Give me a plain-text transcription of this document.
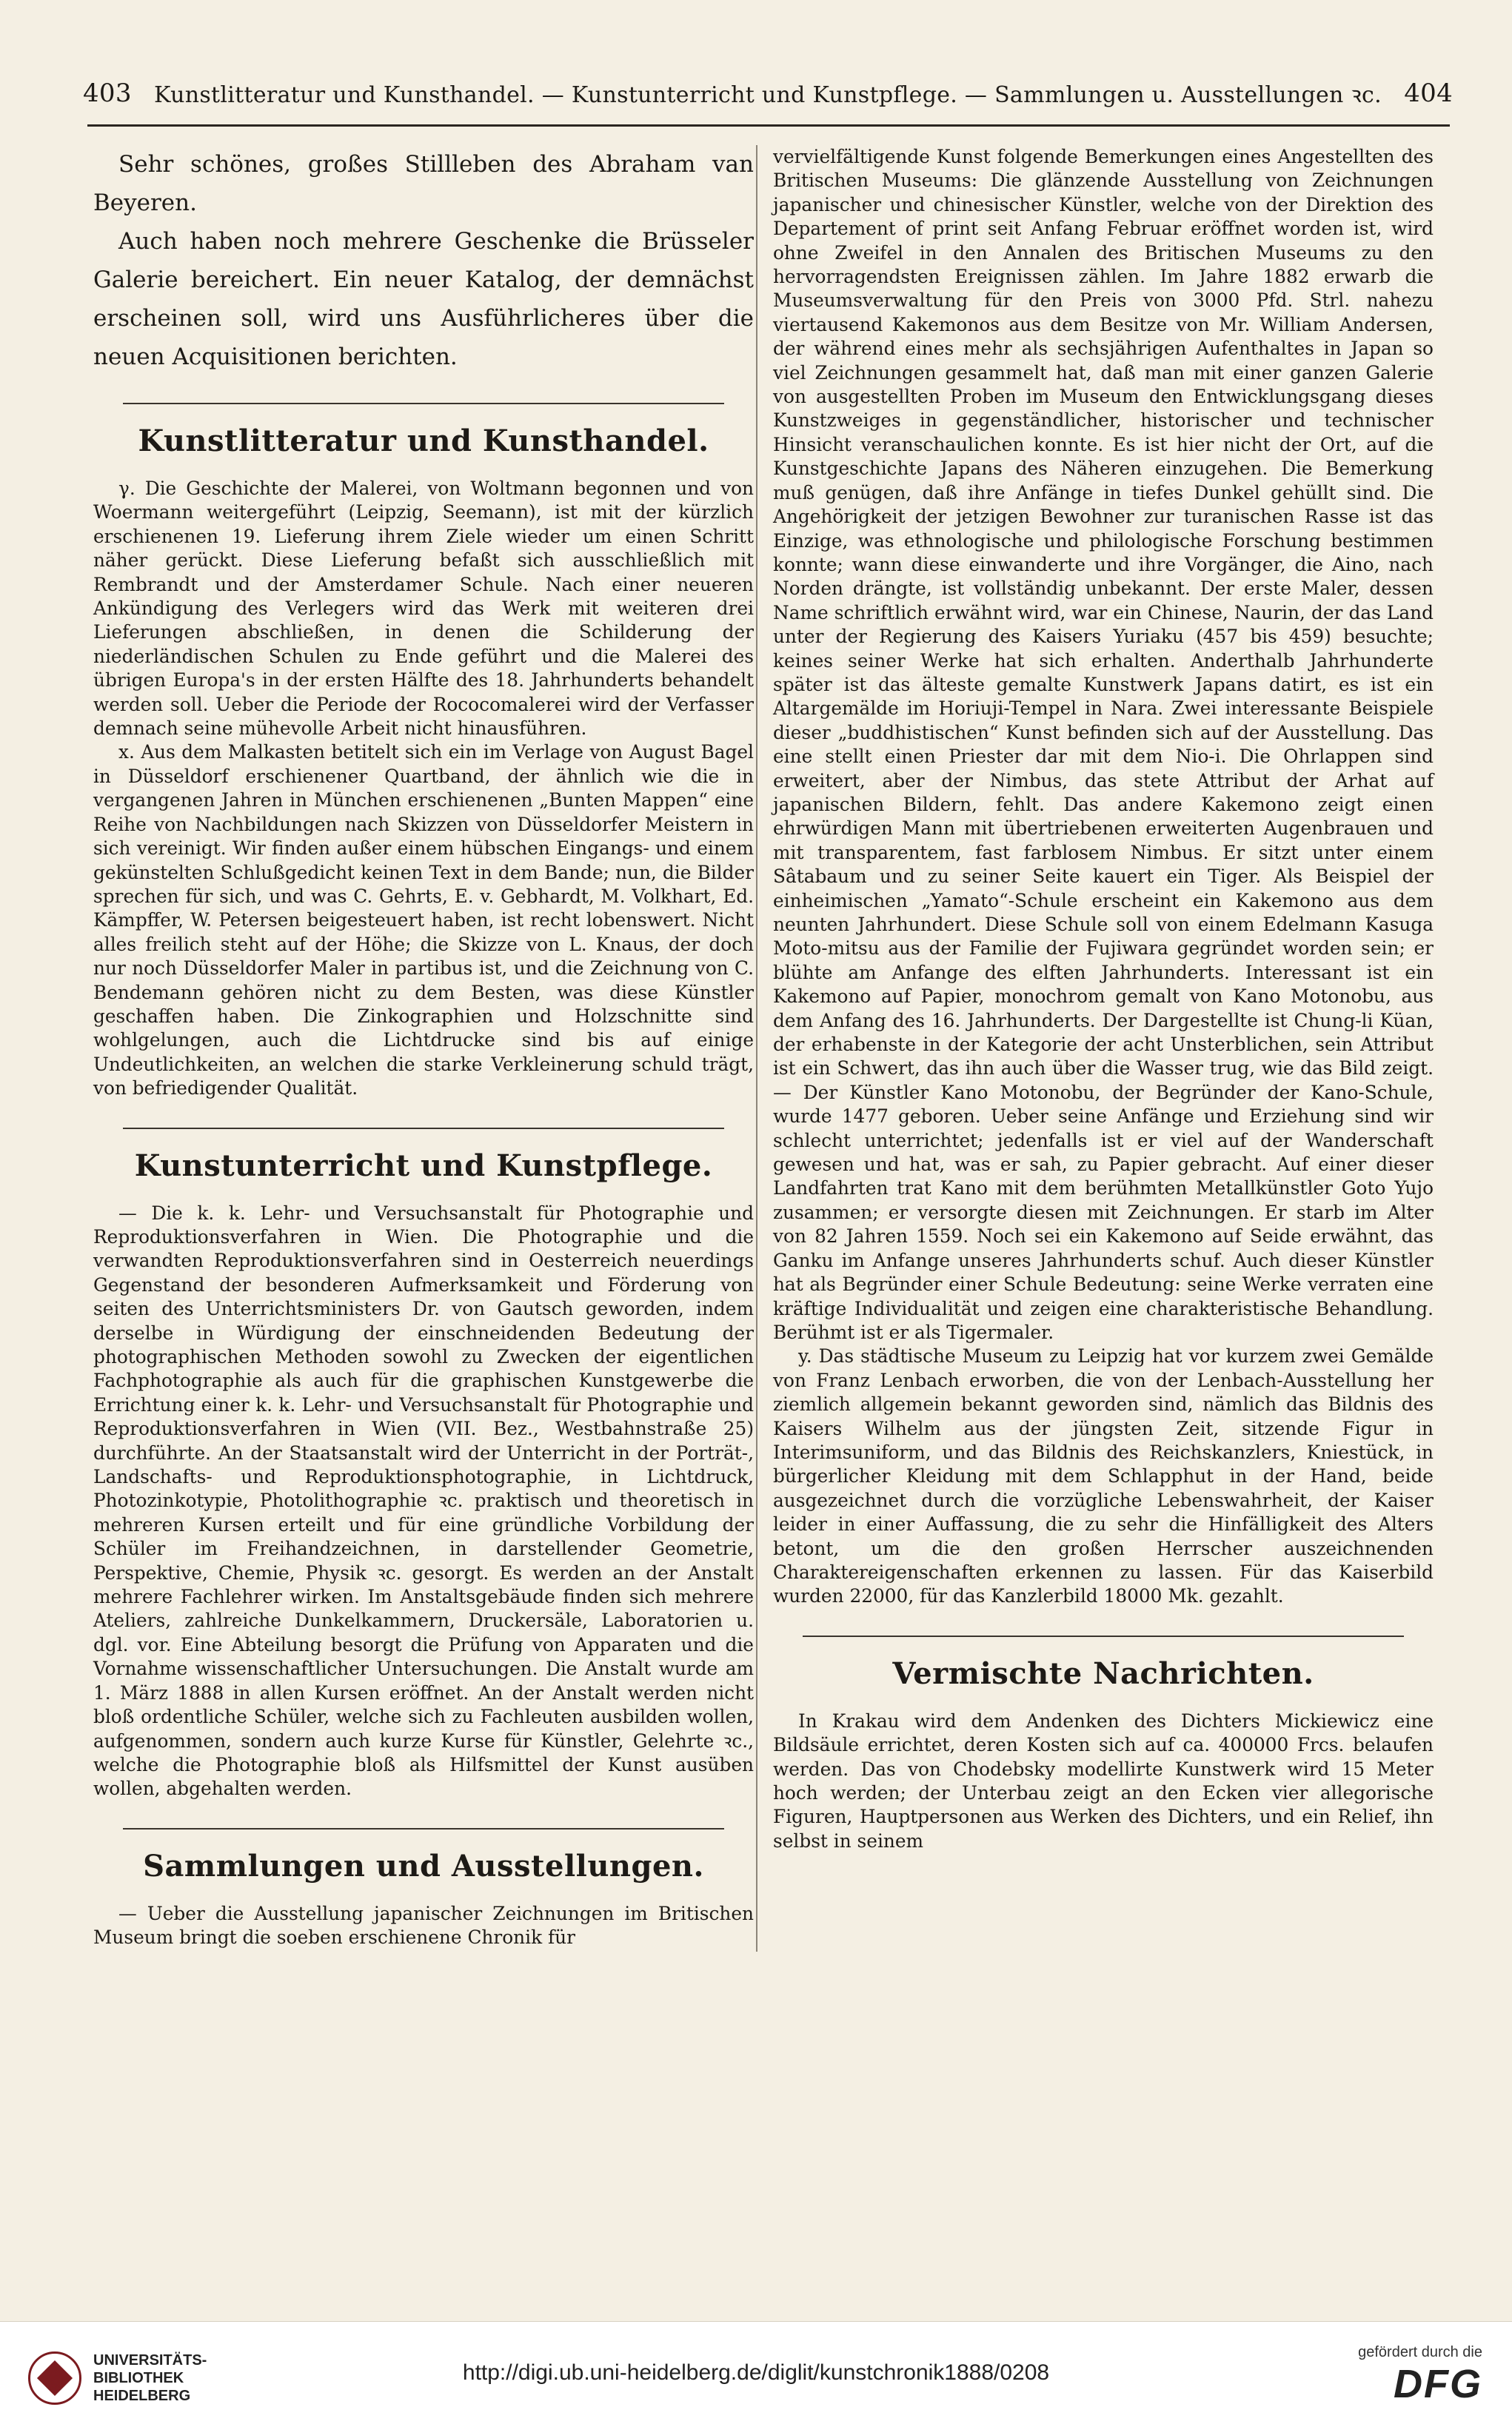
403	Kunstlitteratur und Kunsthandel. — Kunstunterricht und Kunstpflege. — Sammlungen u. Ausstellungen ꝛc. 404

Sehr schönes, großes Stillleben des Abraham van Beyeren.

Auch haben noch mehrere Geschenke die Brüsseler Galerie bereichert. Ein neuer Katalog, der demnächst erscheinen soll, wird uns Ausführlicheres über die neuen Acquisitionen berichten.

Kunstlitteratur und Kunsthandel.

γ. Die Geschichte der Malerei, von Woltmann begonnen und von Woermann weitergeführt (Leipzig, Seemann), ist mit der kürzlich erschienenen 19. Lieferung ihrem Ziele wieder um einen Schritt näher gerückt. Diese Lieferung befaßt sich ausschließlich mit Rembrandt und der Amsterdamer Schule. Nach einer neueren Ankündigung des Verlegers wird das Werk mit weiteren drei Lieferungen abschließen, in denen die Schilderung der niederländischen Schulen zu Ende geführt und die Malerei des übrigen Europa's in der ersten Hälfte des 18. Jahrhunderts behandelt werden soll. Ueber die Periode der Rococomalerei wird der Verfasser demnach seine mühevolle Arbeit nicht hinausführen.

x. Aus dem Malkasten betitelt sich ein im Verlage von August Bagel in Düsseldorf erschienener Quartband, der ähnlich wie die in vergangenen Jahren in München erschienenen „Bunten Mappen“ eine Reihe von Nachbildungen nach Skizzen von Düsseldorfer Meistern in sich vereinigt. Wir finden außer einem hübschen Eingangs- und einem gekünstelten Schlußgedicht keinen Text in dem Bande; nun, die Bilder sprechen für sich, und was C. Gehrts, E. v. Gebhardt, M. Volkhart, Ed. Kämpffer, W. Petersen beigesteuert haben, ist recht lobenswert. Nicht alles freilich steht auf der Höhe; die Skizze von L. Knaus, der doch nur noch Düsseldorfer Maler in partibus ist, und die Zeichnung von C. Bendemann gehören nicht zu dem Besten, was diese Künstler geschaffen haben. Die Zinkographien und Holzschnitte sind wohlgelungen, auch die Lichtdrucke sind bis auf einige Undeutlichkeiten, an welchen die starke Verkleinerung schuld trägt, von befriedigender Qualität.

Kunstunterricht und Kunstpflege.

— Die k. k. Lehr- und Versuchsanstalt für Photographie und Reproduktionsverfahren in Wien. Die Photographie und die verwandten Reproduktionsverfahren sind in Oesterreich neuerdings Gegenstand der besonderen Aufmerksamkeit und Förderung von seiten des Unterrichtsministers Dr. von Gautsch geworden, indem derselbe in Würdigung der einschneidenden Bedeutung der photographischen Methoden sowohl zu Zwecken der eigentlichen Fachphotographie als auch für die graphischen Kunstgewerbe die Errichtung einer k. k. Lehr- und Versuchsanstalt für Photographie und Reproduktionsverfahren in Wien (VII. Bez., Westbahnstraße 25) durchführte. An der Staatsanstalt wird der Unterricht in der Porträt-, Landschafts- und Reproduktionsphotographie, in Lichtdruck, Photozinkotypie, Photolithographie ꝛc. praktisch und theoretisch in mehreren Kursen erteilt und für eine gründliche Vorbildung der Schüler im Freihandzeichnen, in darstellender Geometrie, Perspektive, Chemie, Physik ꝛc. gesorgt. Es werden an der Anstalt mehrere Fachlehrer wirken. Im Anstaltsgebäude finden sich mehrere Ateliers, zahlreiche Dunkelkammern, Druckersäle, Laboratorien u. dgl. vor. Eine Abteilung besorgt die Prüfung von Apparaten und die Vornahme wissenschaftlicher Untersuchungen. Die Anstalt wurde am 1. März 1888 in allen Kursen eröffnet. An der Anstalt werden nicht bloß ordentliche Schüler, welche sich zu Fachleuten ausbilden wollen, aufgenommen, sondern auch kurze Kurse für Künstler, Gelehrte ꝛc., welche die Photographie bloß als Hilfsmittel der Kunst ausüben wollen, abgehalten werden.

Sammlungen und Ausstellungen.

— Ueber die Ausstellung japanischer Zeichnungen im Britischen Museum bringt die soeben erschienene Chronik für

vervielfältigende Kunst folgende Bemerkungen eines Angestellten des Britischen Museums: Die glänzende Ausstellung von Zeichnungen japanischer und chinesischer Künstler, welche von der Direktion des Departement of print seit Anfang Februar eröffnet worden ist, wird ohne Zweifel in den Annalen des Britischen Museums zu den hervorragendsten Ereignissen zählen. Im Jahre 1882 erwarb die Museumsverwaltung für den Preis von 3000 Pfd. Strl. nahezu viertausend Kakemonos aus dem Besitze von Mr. William Andersen, der während eines mehr als sechsjährigen Aufenthaltes in Japan so viel Zeichnungen gesammelt hat, daß man mit einer ganzen Galerie von ausgestellten Proben im Museum den Entwicklungsgang dieses Kunstzweiges in gegenständlicher, historischer und technischer Hinsicht veranschaulichen konnte. Es ist hier nicht der Ort, auf die Kunstgeschichte Japans des Näheren einzugehen. Die Bemerkung muß genügen, daß ihre Anfänge in tiefes Dunkel gehüllt sind. Die Angehörigkeit der jetzigen Bewohner zur turanischen Rasse ist das Einzige, was ethnologische und philologische Forschung bestimmen konnte; wann diese einwanderte und ihre Vorgänger, die Aino, nach Norden drängte, ist vollständig unbekannt. Der erste Maler, dessen Name schriftlich erwähnt wird, war ein Chinese, Naurin, der das Land unter der Regierung des Kaisers Yuriaku (457 bis 459) besuchte; keines seiner Werke hat sich erhalten. Anderthalb Jahrhunderte später ist das älteste gemalte Kunstwerk Japans datirt, es ist ein Altargemälde im Horiuji-Tempel in Nara. Zwei interessante Beispiele dieser „buddhistischen“ Kunst befinden sich auf der Ausstellung. Das eine stellt einen Priester dar mit dem Nio-i. Die Ohrlappen sind erweitert, aber der Nimbus, das stete Attribut der Arhat auf japanischen Bildern, fehlt. Das andere Kakemono zeigt einen ehrwürdigen Mann mit übertriebenen erweiterten Augenbrauen und mit transparentem, fast farblosem Nimbus. Er sitzt unter einem Sâtabaum und zu seiner Seite kauert ein Tiger. Als Beispiel der einheimischen „Yamato“-Schule erscheint ein Kakemono aus dem neunten Jahrhundert. Diese Schule soll von einem Edelmann Kasuga Moto-mitsu aus der Familie der Fujiwara gegründet worden sein; er blühte am Anfange des elften Jahrhunderts. Interessant ist ein Kakemono auf Papier, monochrom gemalt von Kano Motonobu, aus dem Anfang des 16. Jahrhunderts. Der Dargestellte ist Chung-li Küan, der erhabenste in der Kategorie der acht Unsterblichen, sein Attribut ist ein Schwert, das ihn auch über die Wasser trug, wie das Bild zeigt. — Der Künstler Kano Motonobu, der Begründer der Kano-Schule, wurde 1477 geboren. Ueber seine Anfänge und Erziehung sind wir schlecht unterrichtet; jedenfalls ist er viel auf der Wanderschaft gewesen und hat, was er sah, zu Papier gebracht. Auf einer dieser Landfahrten trat Kano mit dem berühmten Metallkünstler Goto Yujo zusammen; er versorgte diesen mit Zeichnungen. Er starb im Alter von 82 Jahren 1559. Noch sei ein Kakemono auf Seide erwähnt, das Ganku im Anfange unseres Jahrhunderts schuf. Auch dieser Künstler hat als Begründer einer Schule Bedeutung: seine Werke verraten eine kräftige Individualität und zeigen eine charakteristische Behandlung. Berühmt ist er als Tigermaler.

y. Das städtische Museum zu Leipzig hat vor kurzem zwei Gemälde von Franz Lenbach erworben, die von der Lenbach-Ausstellung her ziemlich allgemein bekannt geworden sind, nämlich das Bildnis des Kaisers Wilhelm aus der jüngsten Zeit, sitzende Figur in Interimsuniform, und das Bildnis des Reichskanzlers, Kniestück, in bürgerlicher Kleidung mit dem Schlapphut in der Hand, beide ausgezeichnet durch die vorzügliche Lebenswahrheit, der Kaiser leider in einer Auffassung, die zu sehr die Hinfälligkeit des Alters betont, um die den großen Herrscher auszeichnenden Charaktereigenschaften erkennen zu lassen. Für das Kaiserbild wurden 22000, für das Kanzlerbild 18000 Mk. gezahlt.

Vermischte Nachrichten.

In Krakau wird dem Andenken des Dichters Mickiewicz eine Bildsäule errichtet, deren Kosten sich auf ca. 400000 Frcs. belaufen werden. Das von Chodebsky modellirte Kunstwerk wird 15 Meter hoch werden; der Unterbau zeigt an den Ecken vier allegorische Figuren, Hauptpersonen aus Werken des Dichters, und ein Relief, ihn selbst in seinem

UNIVERSITÄTS-
BIBLIOTHEK
HEIDELBERG
http://digi.ub.uni-heidelberg.de/diglit/kunstchronik1888/0208
gefördert durch die
DFG
